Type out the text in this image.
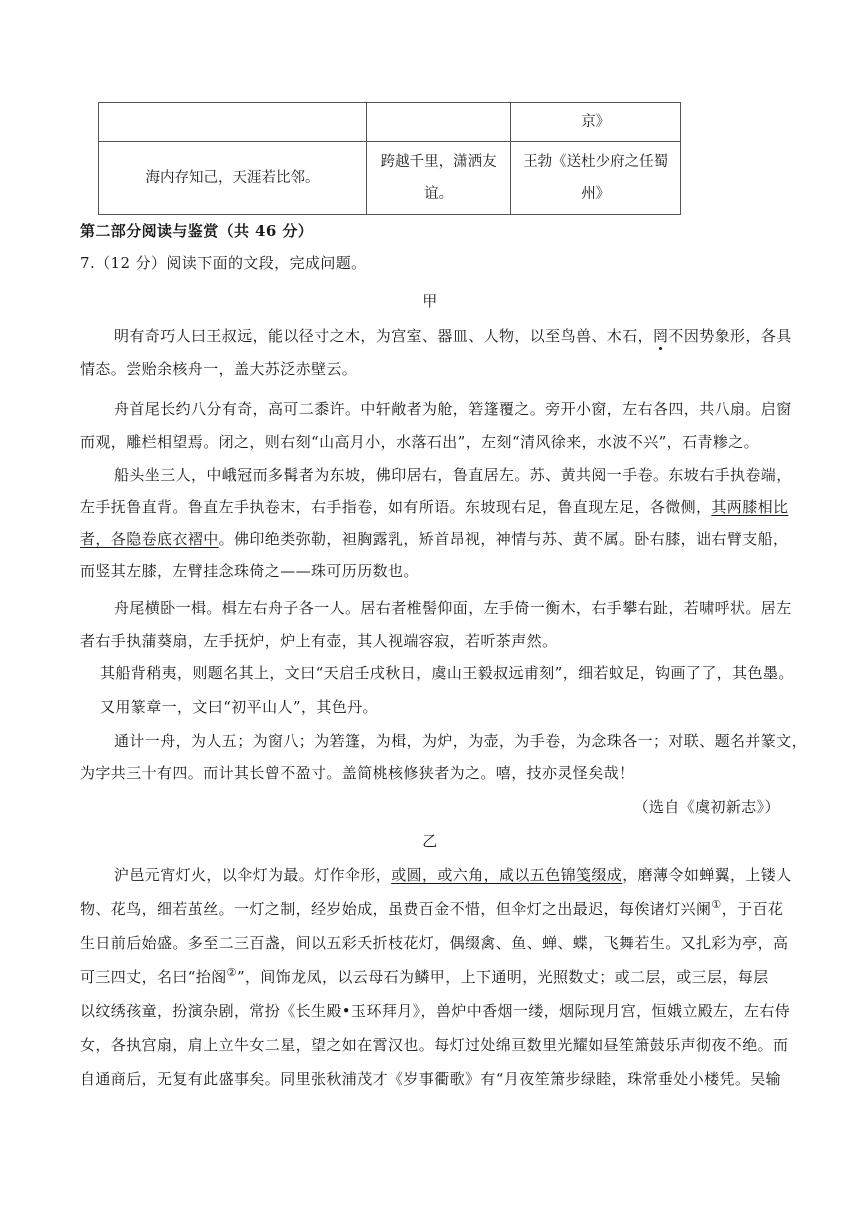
		京》
海内存知己，天涯若比邻。	跨越千里，潇洒友谊。	王勃《送杜少府之任蜀
州》
第二部分阅读与鉴赏（共 46 分）
7.（12 分）阅读下面的文段，完成问题。
甲
明有奇巧人曰王叔远，能以径寸之木，为宫室、器皿、人物，以至鸟兽、木石，罔不因势象形，各具
情态。尝贻余核舟一，盖大苏泛赤壁云。
舟首尾长约八分有奇，高可二黍许。中轩敞者为舱，箬篷覆之。旁开小窗，左右各四，共八扇。启窗
而观，雕栏相望焉。闭之，则右刻“山高月小，水落石出”，左刻“清风徐来，水波不兴”，石青糁之。
船头坐三人，中峨冠而多髯者为东坡，佛印居右，鲁直居左。苏、黄共阅一手卷。东坡右手执卷端，
左手抚鲁直背。鲁直左手执卷末，右手指卷，如有所语。东坡现右足，鲁直现左足，各微侧，其两膝相比
者，各隐卷底衣褶中。佛印绝类弥勒，袒胸露乳，矫首昂视，神情与苏、黄不属。卧右膝，诎右臂支船，
而竖其左膝，左臂挂念珠倚之——珠可历历数也。
舟尾横卧一楫。楫左右舟子各一人。居右者椎髻仰面，左手倚一衡木，右手攀右趾，若啸呼状。居左
者右手执蒲葵扇，左手抚炉，炉上有壶，其人视端容寂，若听茶声然。
其船背稍夷，则题名其上，文曰“天启壬戌秋日，虞山王毅叔远甫刻”，细若蚊足，钩画了了，其色墨。
又用篆章一，文曰“初平山人”，其色丹。
通计一舟，为人五；为窗八；为箬篷，为楫，为炉，为壶，为手卷，为念珠各一；对联、题名并篆文，
为字共三十有四。而计其长曾不盈寸。盖简桃核修狭者为之。嘻，技亦灵怪矣哉！
（选自《虞初新志》）
乙
沪邑元宵灯火，以伞灯为最。灯作伞形，或圆，或六角，咸以五色锦笺缀成，磨薄令如蝉翼，上镂人
物、花鸟，细若茧丝。一灯之制，经岁始成，虽费百金不惜，但伞灯之出最迟，每俟诸灯兴阑①，于百花
生日前后始盛。多至二三百盏，间以五彩夭折枝花灯，偶缀禽、鱼、蝉、蝶，飞舞若生。又扎彩为亭，高
可三四丈，名曰“抬阁②”，间饰龙凤，以云母石为鳞甲，上下通明，光照数丈；或二层，或三层，每层
以纹绣孩童，扮演杂剧，常扮《长生殿•玉环拜月》，兽炉中香烟一缕，烟际现月宫，恒娥立殿左，左右侍
女，各执宫扇，肩上立牛女二星，望之如在霄汉也。每灯过处绵亘数里光耀如昼笙箫鼓乐声彻夜不绝。而
自通商后，无复有此盛事矣。同里张秋浦茂才《岁事衢歌》有“月夜笙箫步绿睦，珠常垂处小楼凭。吴输
